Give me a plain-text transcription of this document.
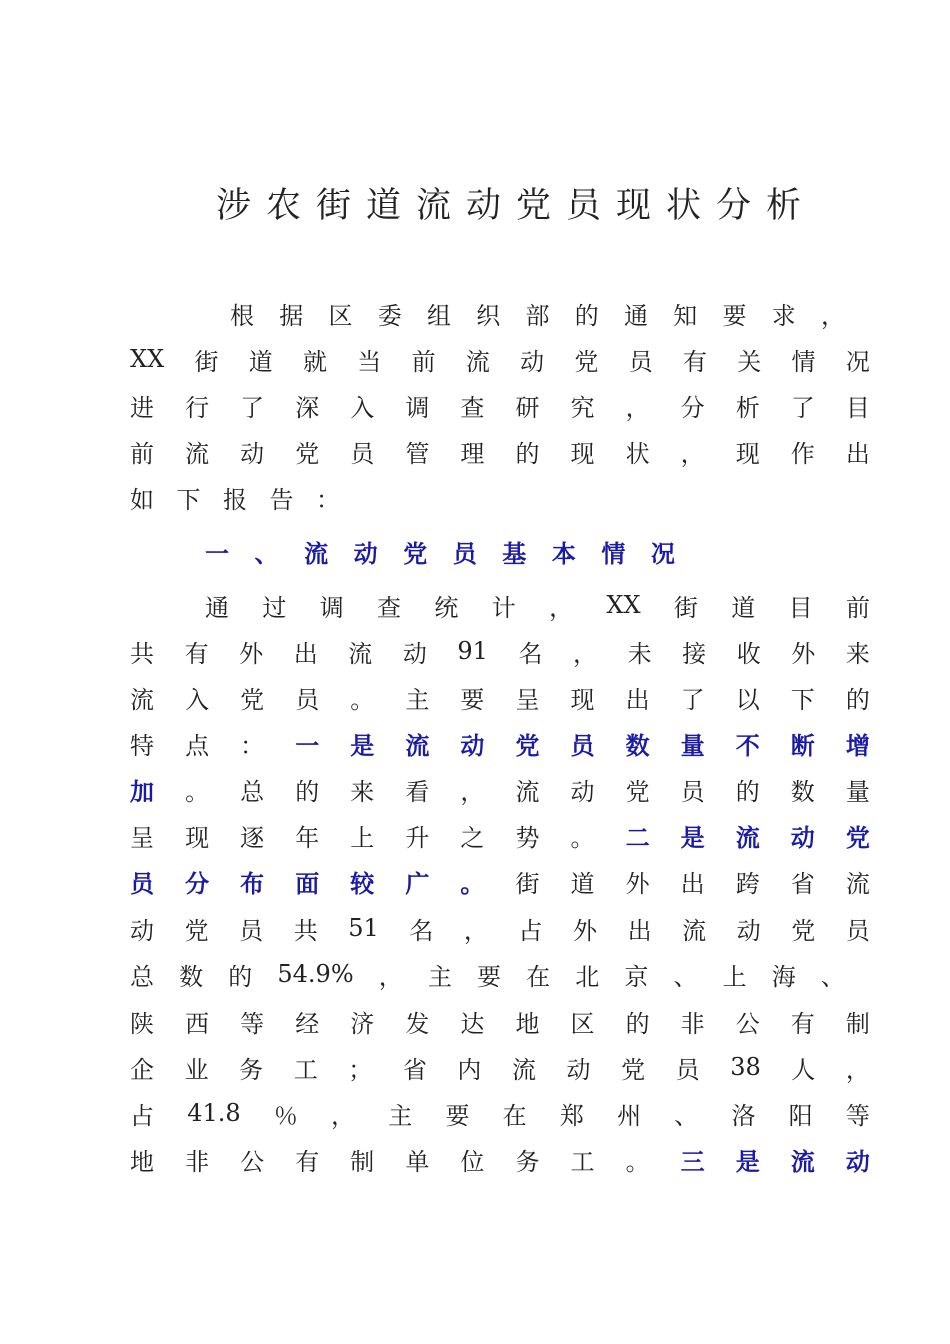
涉农街道流动党员现状分析
根 据 区 委 组 织 部 的 通 知 要 求 ，
XX 街 道 就 当 前 流 动 党 员 有 关 情 况
进 行 了 深 入 调 查 研 究 ， 分 析 了 目
前 流 动 党 员 管 理 的 现 状 ， 现 作 出
如 下 报 告 ：
一 、 流 动 党 员 基 本 情 况
通 过 调 查 统 计 ， XX 街 道 目 前
共 有 外 出 流 动 91 名 ， 未 接 收 外 来
流 入 党 员 。 主 要 呈 现 出 了 以 下 的
特 点 ： 一 是 流 动 党 员 数 量 不 断 增
加 。 总 的 来 看 ， 流 动 党 员 的 数 量
呈 现 逐 年 上 升 之 势 。 二 是 流 动 党
员 分 布 面 较 广 。 街 道 外 出 跨 省 流
动 党 员 共 51 名 ， 占 外 出 流 动 党 员
总 数 的 54.9% ， 主 要 在 北 京 、 上 海 、
陕 西 等 经 济 发 达 地 区 的 非 公 有 制
企 业 务 工 ； 省 内 流 动 党 员 38 人 ，
占 41.8 ％ ， 主 要 在 郑 州 、 洛 阳 等
地 非 公 有 制 单 位 务 工 。 三 是 流 动
